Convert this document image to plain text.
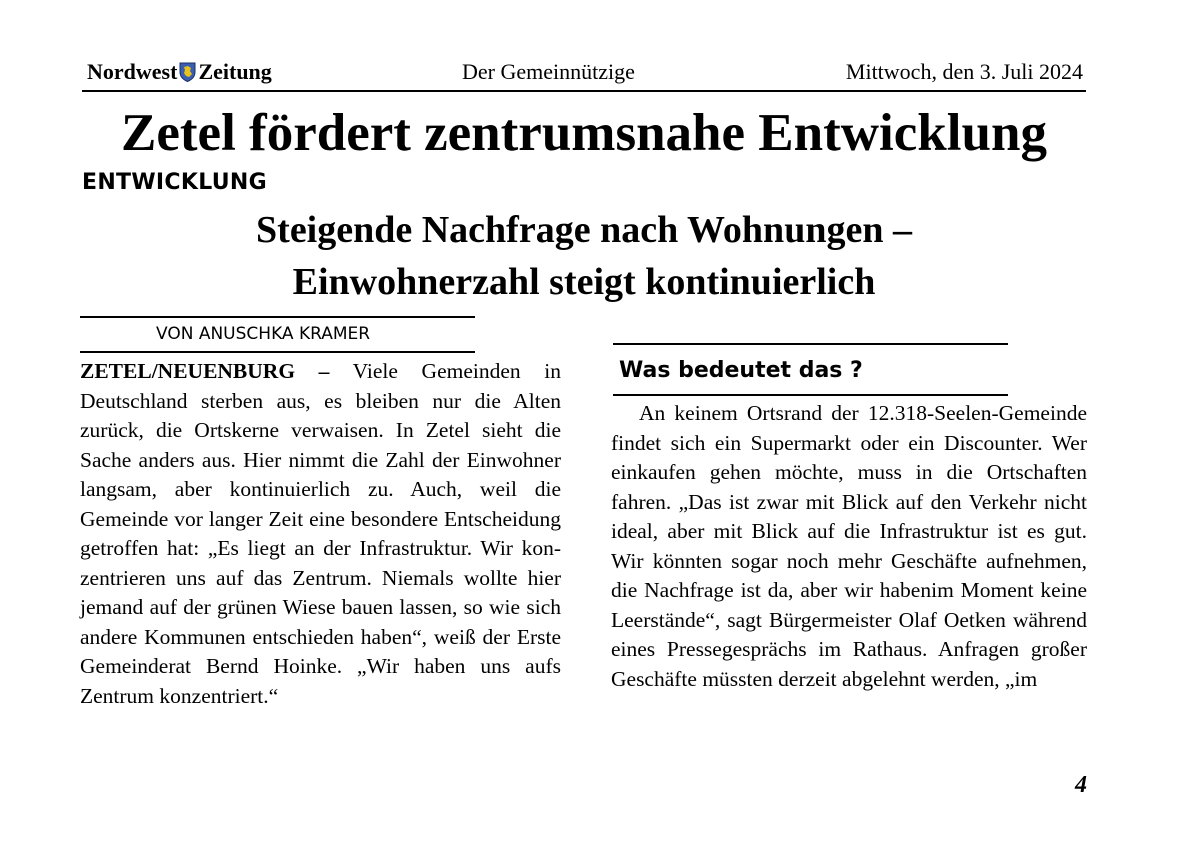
Nordwest Zeitung	Der Gemeinnützige	Mittwoch, den 3. Juli 2024
Zetel fördert zentrumsnahe Entwicklung
ENTWICKLUNG
Steigende Nachfrage nach Wohnungen –
Einwohnerzahl steigt kontinuierlich
VON ANUSCHKA KRAMER
ZETEL/NEUENBURG – Viele Gemeinden in Deutschland sterben aus, es bleiben nur die Alten zurück, die Ortskerne verwaisen. In Zetel sieht die Sache anders aus. Hier nimmt die Zahl der Einwohner langsam, aber kontinuierlich zu. Auch, weil die Gemeinde vor langer Zeit eine besondere Entscheidung getroffen hat: „Es liegt an der Infrastruktur. Wir konzentrieren uns auf das Zentrum. Niemals wollte hier jemand auf der grünen Wiese bauen lassen, so wie sich andere Kommunen entschieden haben“, weiß der Erste Gemeinderat Bernd Hoinke. „Wir haben uns aufs Zentrum konzentriert.“
Was bedeutet das ?
An keinem Ortsrand der 12.318-Seelen-Gemeinde findet sich ein Supermarkt oder ein Discounter. Wer einkaufen gehen möchte, muss in die Ortschaften fahren. „Das ist zwar mit Blick auf den Verkehr nicht ideal, aber mit Blick auf die Infrastruktur ist es gut. Wir könnten sogar noch mehr Geschäfte aufnehmen, die Nachfrage ist da, aber wir habenim Moment keine Leerstände“, sagt Bürgermeister Olaf Oetken während eines Pressegesprächs im Rathaus. Anfragen großer Geschäfte müssten derzeit abgelehnt werden, „im
4
